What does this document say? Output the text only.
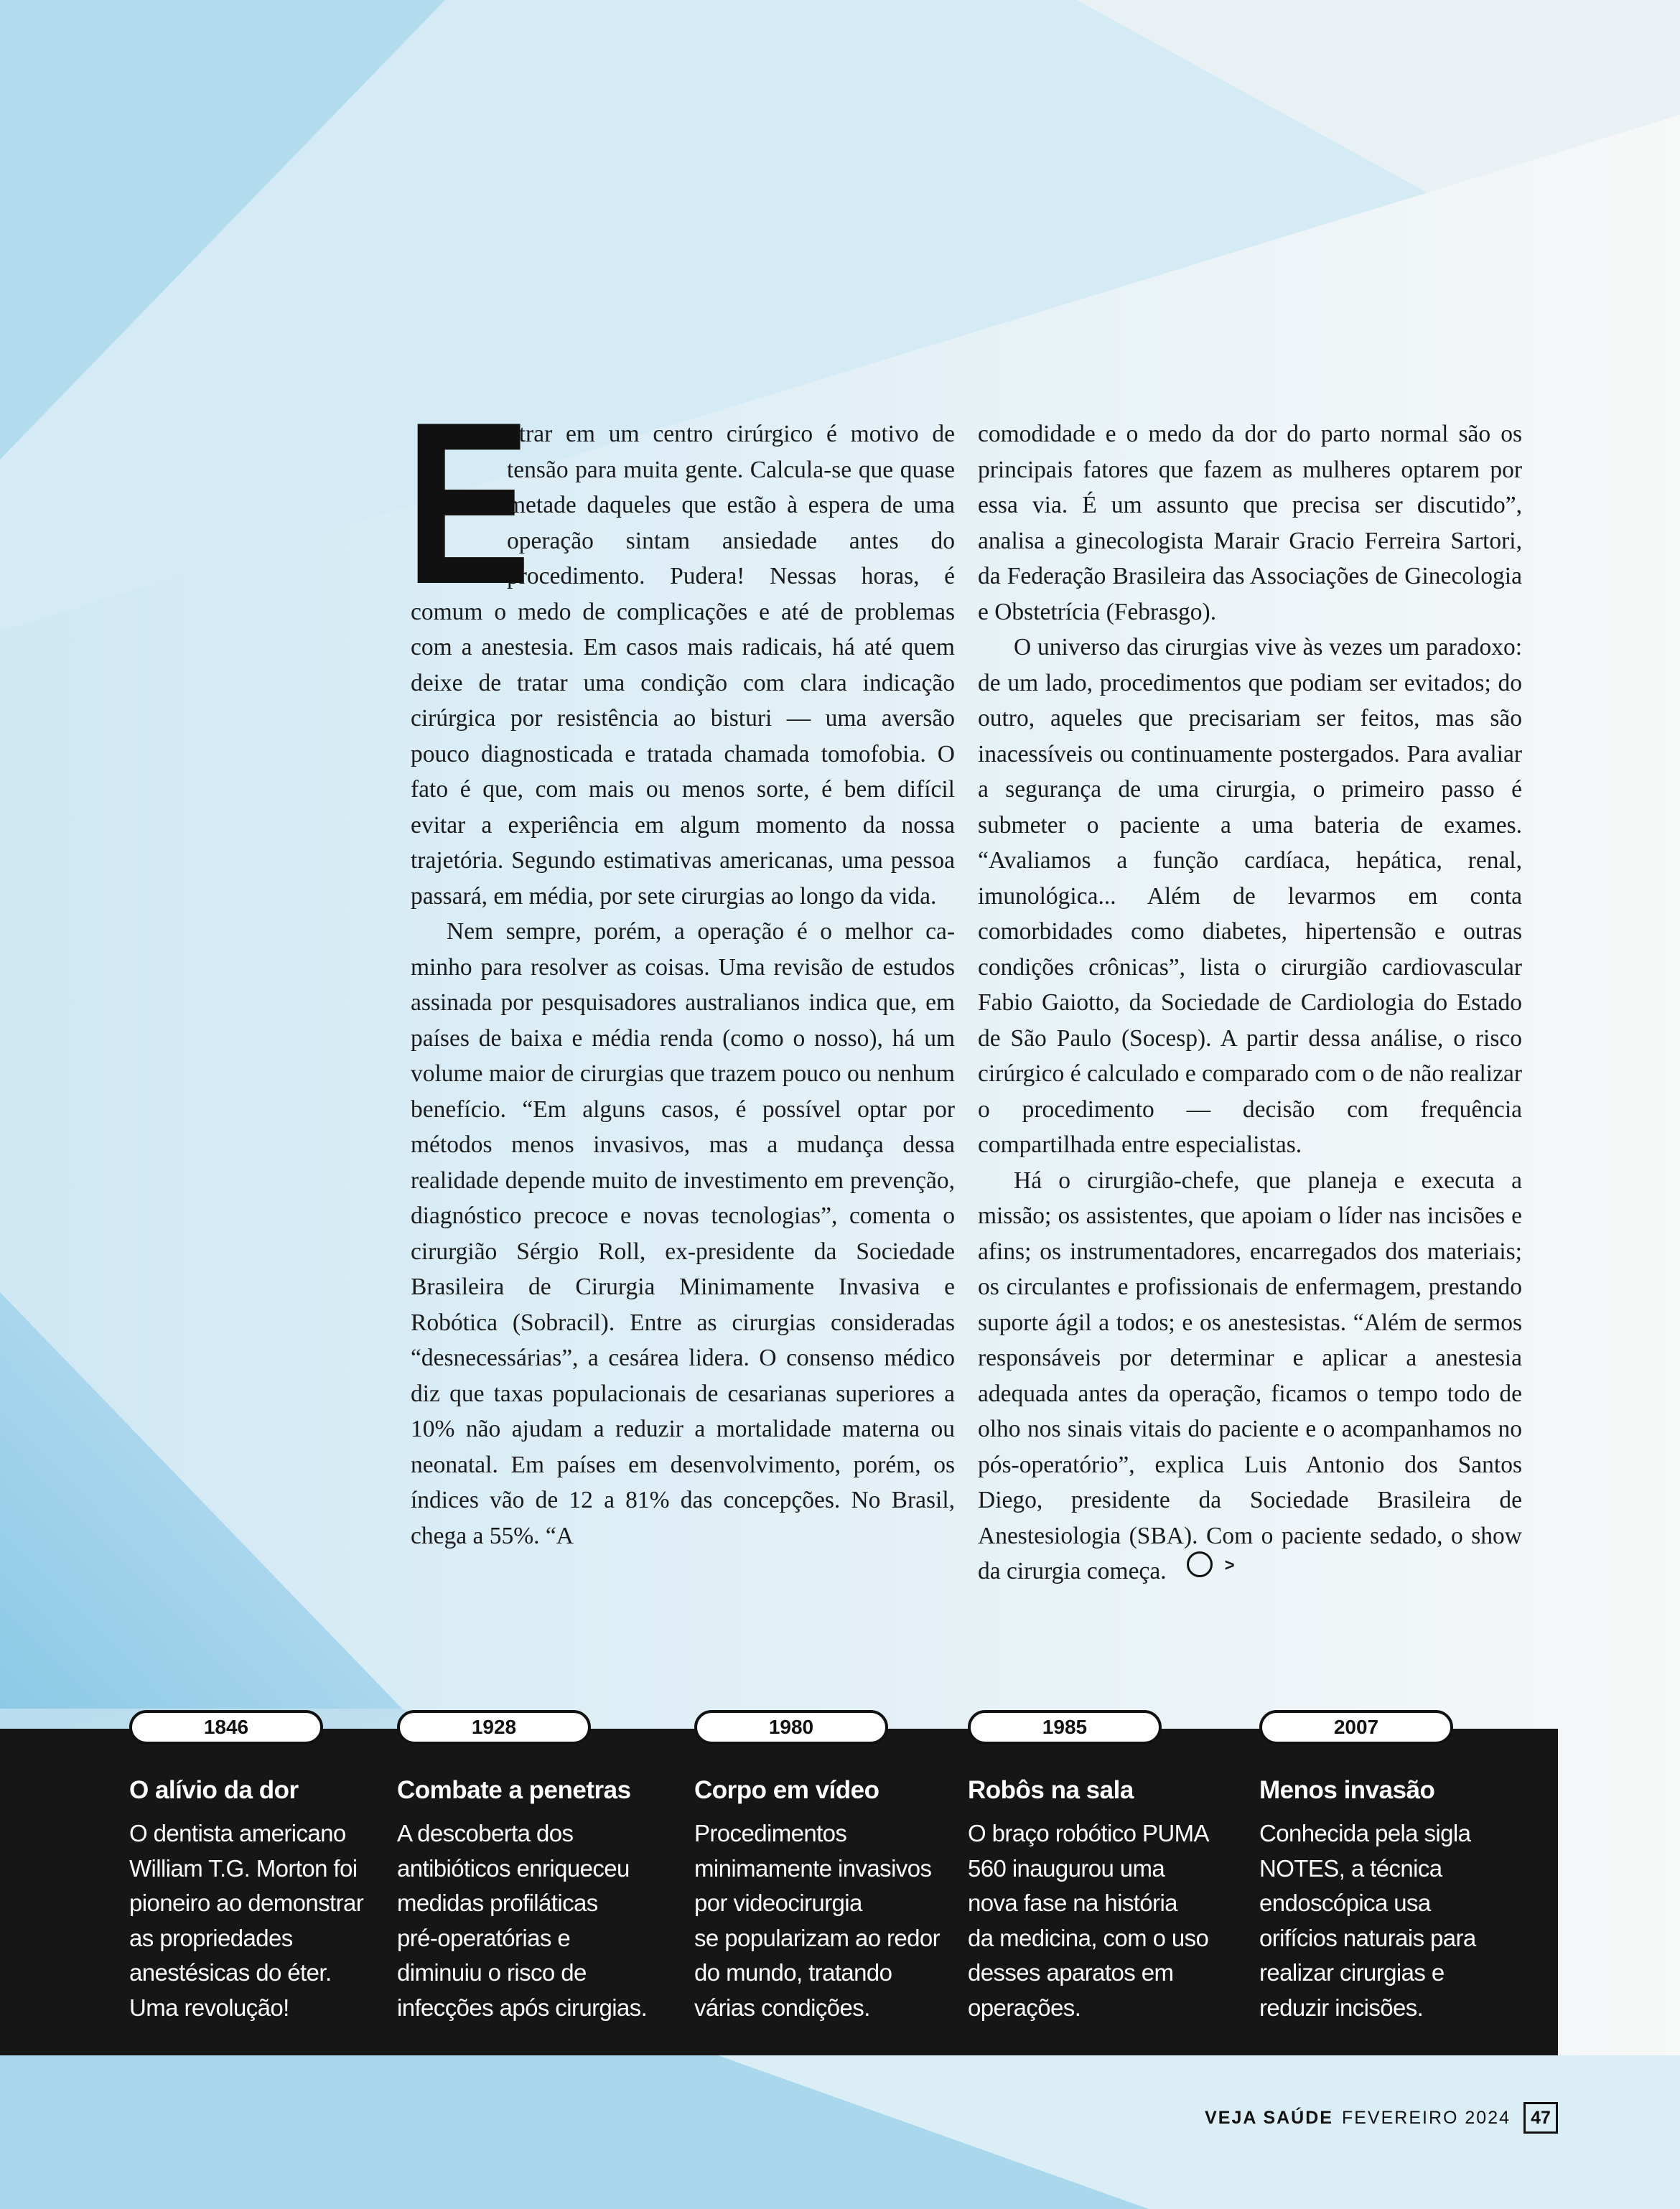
E

ntrar em um centro cirúrgico é motivo de tensão para muita gente. Calcula-se que quase metade daqueles que estão à espera de uma operação sintam ansiedade antes do procedimento. Pudera! Nessas horas, é comum o medo de complicações e até de problemas com a anestesia. Em casos mais radicais, há até quem deixe de tratar uma condição com clara indicação cirúrgica por resistência ao bisturi — uma aversão pouco diagnosticada e tratada chamada tomofobia. O fato é que, com mais ou menos sorte, é bem difícil evitar a experiência em algum momento da nossa trajetória. Segundo estimativas americanas, uma pessoa passará, em média, por sete cirurgias ao longo da vida.

Nem sempre, porém, a operação é o melhor caminho para resolver as coisas. Uma revisão de estudos assinada por pesquisadores australianos indica que, em países de baixa e média renda (como o nosso), há um volume maior de cirurgias que trazem pouco ou nenhum benefício. “Em alguns casos, é possível optar por métodos menos invasivos, mas a mudança dessa realidade depende muito de investimento em prevenção, diagnóstico precoce e novas tecnologias”, comenta o cirurgião Sérgio Roll, ex-presidente da Sociedade Brasileira de Cirurgia Minimamente Invasiva e Robótica (Sobracil). Entre as cirurgias consideradas “desnecessárias”, a cesárea lidera. O consenso médico diz que taxas populacionais de cesarianas superiores a 10% não ajudam a reduzir a mortalidade materna ou neonatal. Em países em desenvolvimento, porém, os índices vão de 12 a 81% das concepções. No Brasil, chega a 55%. “A

comodidade e o medo da dor do parto normal são os principais fatores que fazem as mulheres optarem por essa via. É um assunto que precisa ser discutido”, analisa a ginecologista Marair Gracio Ferreira Sartori, da Federação Brasileira das Associações de Ginecologia e Obstetrícia (Febrasgo).

O universo das cirurgias vive às vezes um paradoxo: de um lado, procedimentos que podiam ser evitados; do outro, aqueles que precisariam ser feitos, mas são inacessíveis ou continuamente postergados. Para avaliar a segurança de uma cirurgia, o primeiro passo é submeter o paciente a uma bateria de exames. “Avaliamos a função cardíaca, hepática, renal, imunológica... Além de levarmos em conta comorbidades como diabetes, hipertensão e outras condições crônicas”, lista o cirurgião cardiovascular Fabio Gaiotto, da Sociedade de Cardiologia do Estado de São Paulo (Socesp). A partir dessa análise, o risco cirúrgico é calculado e comparado com o de não realizar o procedimento — decisão com frequência compartilhada entre especialistas.

Há o cirurgião-chefe, que planeja e executa a missão; os assistentes, que apoiam o líder nas incisões e afins; os instrumentadores, encarregados dos materiais; os circulantes e profissionais de enfermagem, prestando suporte ágil a todos; e os anestesistas. “Além de sermos responsáveis por determinar e aplicar a anestesia adequada antes da operação, ficamos o tempo todo de olho nos sinais vitais do paciente e o acompanhamos no pós-operatório”, explica Luis Antonio dos Santos Diego, presidente da Sociedade Brasileira de Anestesiologia (SBA). Com o paciente sedado, o show da cirurgia começa.	>

1846
O alívio da dor
O dentista americano
William T.G. Morton foi
pioneiro ao demonstrar
as propriedades
anestésicas do éter.
Uma revolução!
1928
Combate a penetras
A descoberta dos
antibióticos enriqueceu
medidas profiláticas
pré-operatórias e
diminuiu o risco de
infecções após cirurgias.
1980
Corpo em vídeo
Procedimentos
minimamente invasivos
por videocirurgia
se popularizam ao redor
do mundo, tratando
várias condições.
1985
Robôs na sala
O braço robótico PUMA
560 inaugurou uma
nova fase na história
da medicina, com o uso
desses aparatos em
operações.
2007
Menos invasão
Conhecida pela sigla
NOTES, a técnica
endoscópica usa
orifícios naturais para
realizar cirurgias e
reduzir incisões.
VEJA SAÚDE FEVEREIRO 2024	47
